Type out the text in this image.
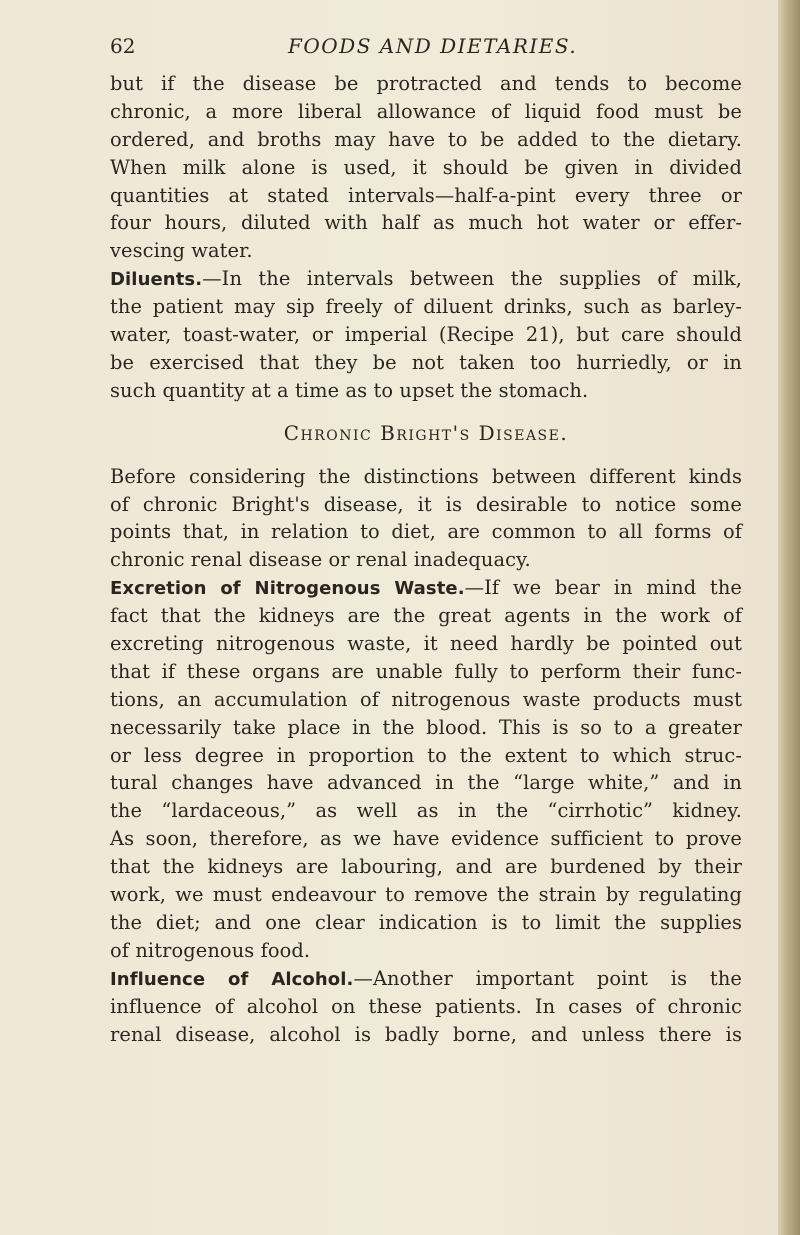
62	FOODS AND DIETARIES.
but if the disease be protracted and tends to become
chronic, a more liberal allowance of liquid food must be
ordered, and broths may have to be added to the dietary.
When milk alone is used, it should be given in divided
quantities at stated intervals—half-a-pint every three or
four hours, diluted with half as much hot water or effer-
vescing water.
Diluents.—In the intervals between the supplies of milk,
the patient may sip freely of diluent drinks, such as barley-
water, toast-water, or imperial (Recipe 21), but care should
be exercised that they be not taken too hurriedly, or in
such quantity at a time as to upset the stomach.
Chronic Bright's Disease.
Before considering the distinctions between different kinds
of chronic Bright's disease, it is desirable to notice some
points that, in relation to diet, are common to all forms of
chronic renal disease or renal inadequacy.
Excretion of Nitrogenous Waste.—If we bear in mind the
fact that the kidneys are the great agents in the work of
excreting nitrogenous waste, it need hardly be pointed out
that if these organs are unable fully to perform their func-
tions, an accumulation of nitrogenous waste products must
necessarily take place in the blood. This is so to a greater
or less degree in proportion to the extent to which struc-
tural changes have advanced in the “large white,” and in
the “lardaceous,” as well as in the “cirrhotic” kidney.
As soon, therefore, as we have evidence sufficient to prove
that the kidneys are labouring, and are burdened by their
work, we must endeavour to remove the strain by regulating
the diet; and one clear indication is to limit the supplies
of nitrogenous food.
Influence of Alcohol.—Another important point is the
influence of alcohol on these patients. In cases of chronic
renal disease, alcohol is badly borne, and unless there is
